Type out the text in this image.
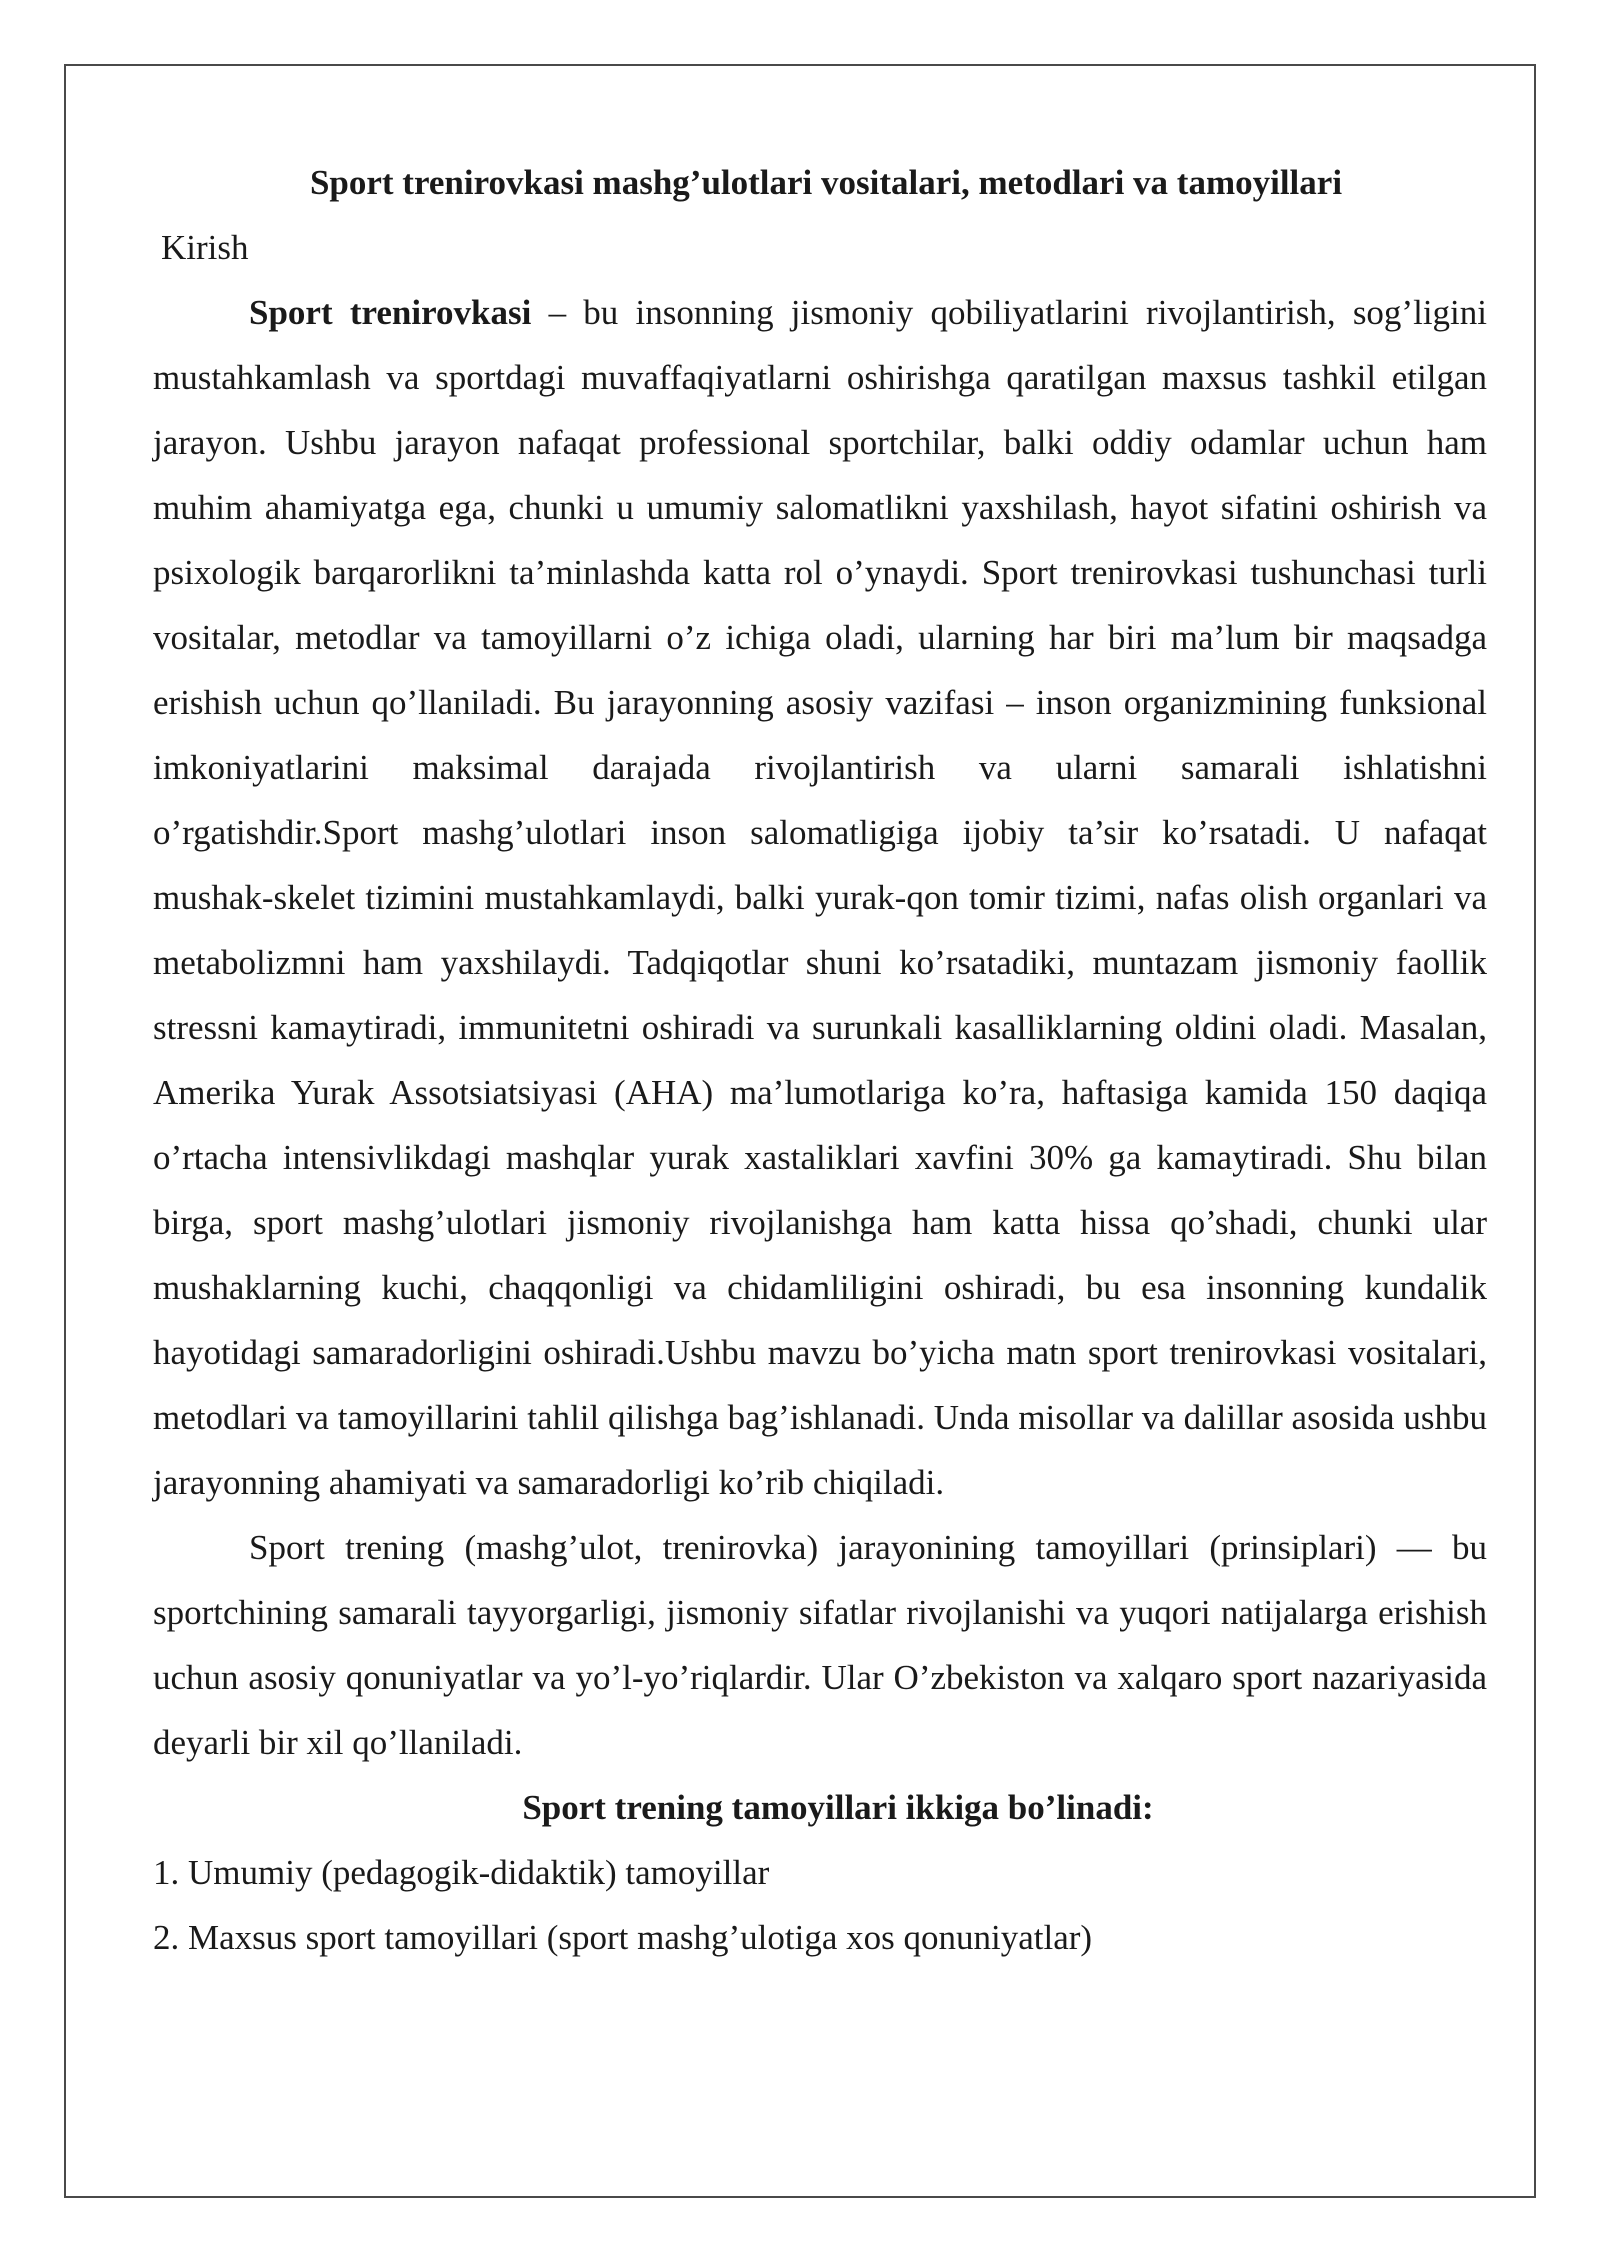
Sport trenirovkasi mashg’ulotlari vositalari, metodlari va tamoyillari

Kirish

Sport trenirovkasi – bu insonning jismoniy qobiliyatlarini rivojlantirish, sog’ligini mustahkamlash va sportdagi muvaffaqiyatlarni oshirishga qaratilgan maxsus tashkil etilgan jarayon. Ushbu jarayon nafaqat professional sportchilar, balki oddiy odamlar uchun ham muhim ahamiyatga ega, chunki u umumiy salomatlikni yaxshilash, hayot sifatini oshirish va psixologik barqarorlikni ta’minlashda katta rol o’ynaydi. Sport trenirovkasi tushunchasi turli vositalar, metodlar va tamoyillarni o’z ichiga oladi, ularning har biri ma’lum bir maqsadga erishish uchun qo’llaniladi. Bu jarayonning asosiy vazifasi – inson organizmining funksional imkoniyatlarini maksimal darajada rivojlantirish va ularni samarali ishlatishni o’rgatishdir.Sport mashg’ulotlari inson salomatligiga ijobiy ta’sir ko’rsatadi. U nafaqat mushak-skelet tizimini mustahkamlaydi, balki yurak-qon tomir tizimi, nafas olish organlari va metabolizmni ham yaxshilaydi. Tadqiqotlar shuni ko’rsatadiki, muntazam jismoniy faollik stressni kamaytiradi, immunitetni oshiradi va surunkali kasalliklarning oldini oladi. Masalan, Amerika Yurak Assotsiatsiyasi (AHA) ma’lumotlariga ko’ra, haftasiga kamida 150 daqiqa o’rtacha intensivlikdagi mashqlar yurak xastaliklari xavfini 30% ga kamaytiradi. Shu bilan birga, sport mashg’ulotlari jismoniy rivojlanishga ham katta hissa qo’shadi, chunki ular mushaklarning kuchi, chaqqonligi va chidamliligini oshiradi, bu esa insonning kundalik hayotidagi samaradorligini oshiradi.Ushbu mavzu bo’yicha matn sport trenirovkasi vositalari, metodlari va tamoyillarini tahlil qilishga bag’ishlanadi. Unda misollar va dalillar asosida ushbu jarayonning ahamiyati va samaradorligi ko’rib chiqiladi.

Sport trening (mashg’ulot, trenirovka) jarayonining tamoyillari (prinsiplari) — bu sportchining samarali tayyorgarligi, jismoniy sifatlar rivojlanishi va yuqori natijalarga erishish uchun asosiy qonuniyatlar va yo’l-yo’riqlardir. Ular O’zbekiston va xalqaro sport nazariyasida deyarli bir xil qo’llaniladi.

Sport trening tamoyillari ikkiga bo’linadi:

1. Umumiy (pedagogik-didaktik) tamoyillar

2. Maxsus sport tamoyillari (sport mashg’ulotiga xos qonuniyatlar)
